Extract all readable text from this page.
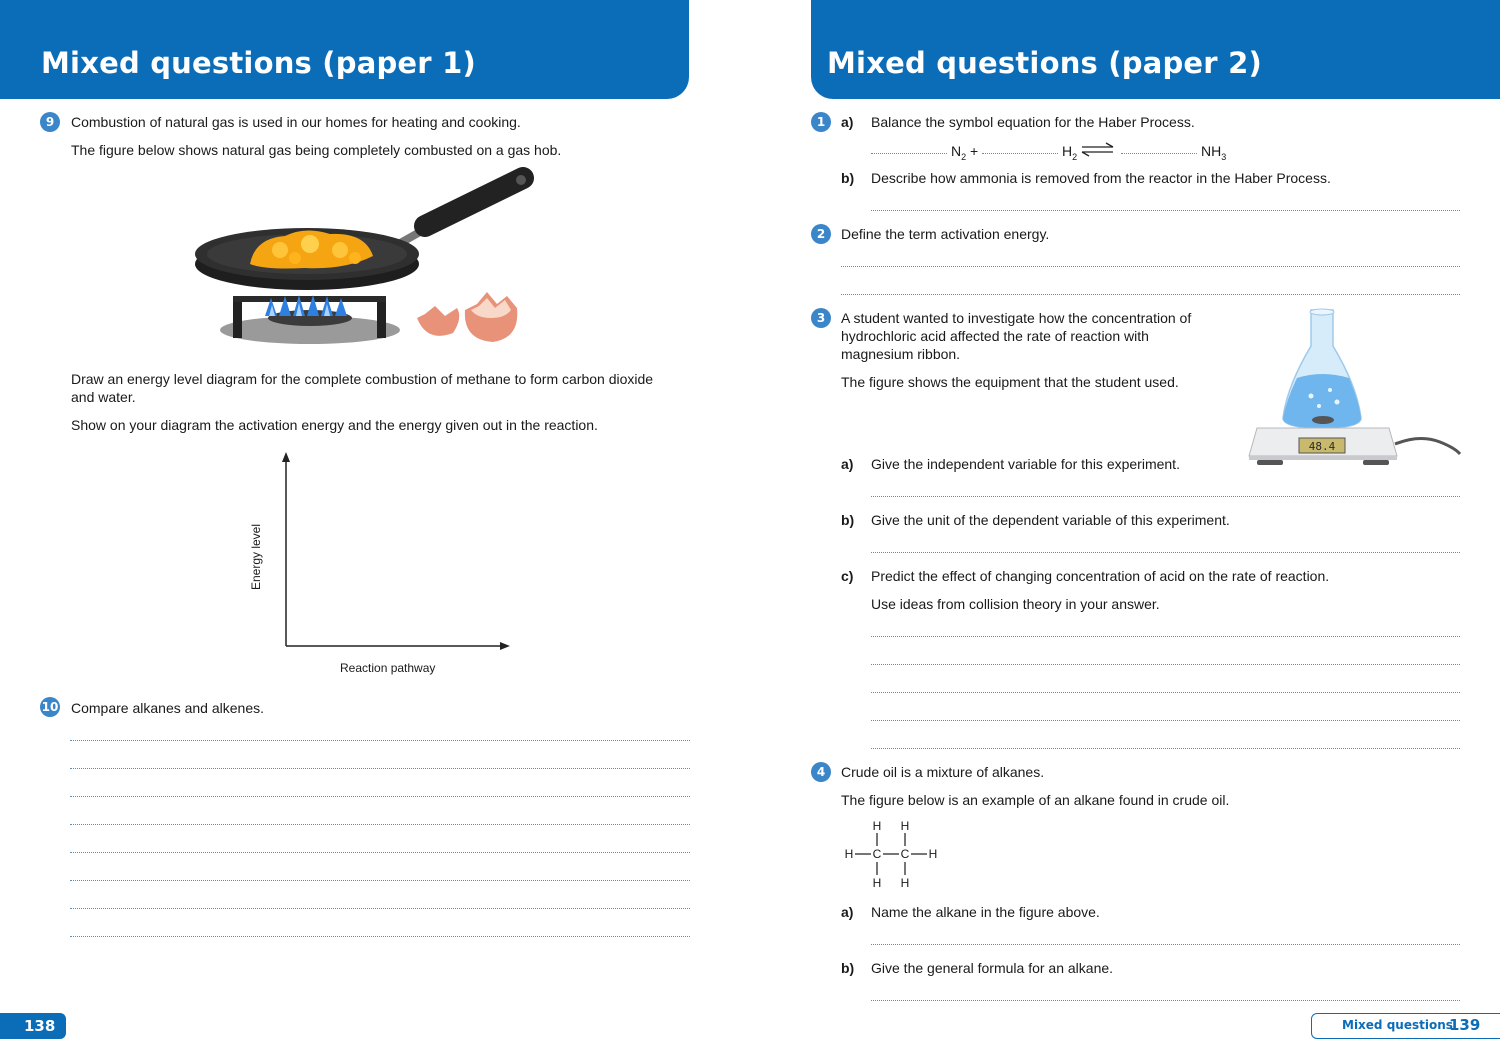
Mixed questions (paper 1)
9	Combustion of natural gas is used in our homes for heating and cooking.
The figure below shows natural gas being completely combusted on a gas hob.
Draw an energy level diagram for the complete combustion of methane to form carbon dioxide and water.
Show on your diagram the activation energy and the energy given out in the reaction.
Energy level
Reaction pathway
10 Compare alkanes and alkenes.
138
Mixed questions (paper 2)
1	a) Balance the symbol equation for the Haber Process.
$N_2$ +	$H_2$ ⇌	$NH_3$
b) Describe how ammonia is removed from the reactor in the Haber Process.
2	Define the term activation energy.
3	A student wanted to investigate how the concentration of hydrochloric acid affected the rate of reaction with magnesium ribbon.
The figure shows the equipment that the student used.
48.4
a) Give the independent variable for this experiment.
b) Give the unit of the dependent variable of this experiment.
c) Predict the effect of changing concentration of acid on the rate of reaction.
Use ideas from collision theory in your answer.
4	Crude oil is a mixture of alkanes.
The figure below is an example of an alkane found in crude oil.
H H
H C C H
H H
a) Name the alkane in the figure above.
b) Give the general formula for an alkane.
Mixed questions
139
